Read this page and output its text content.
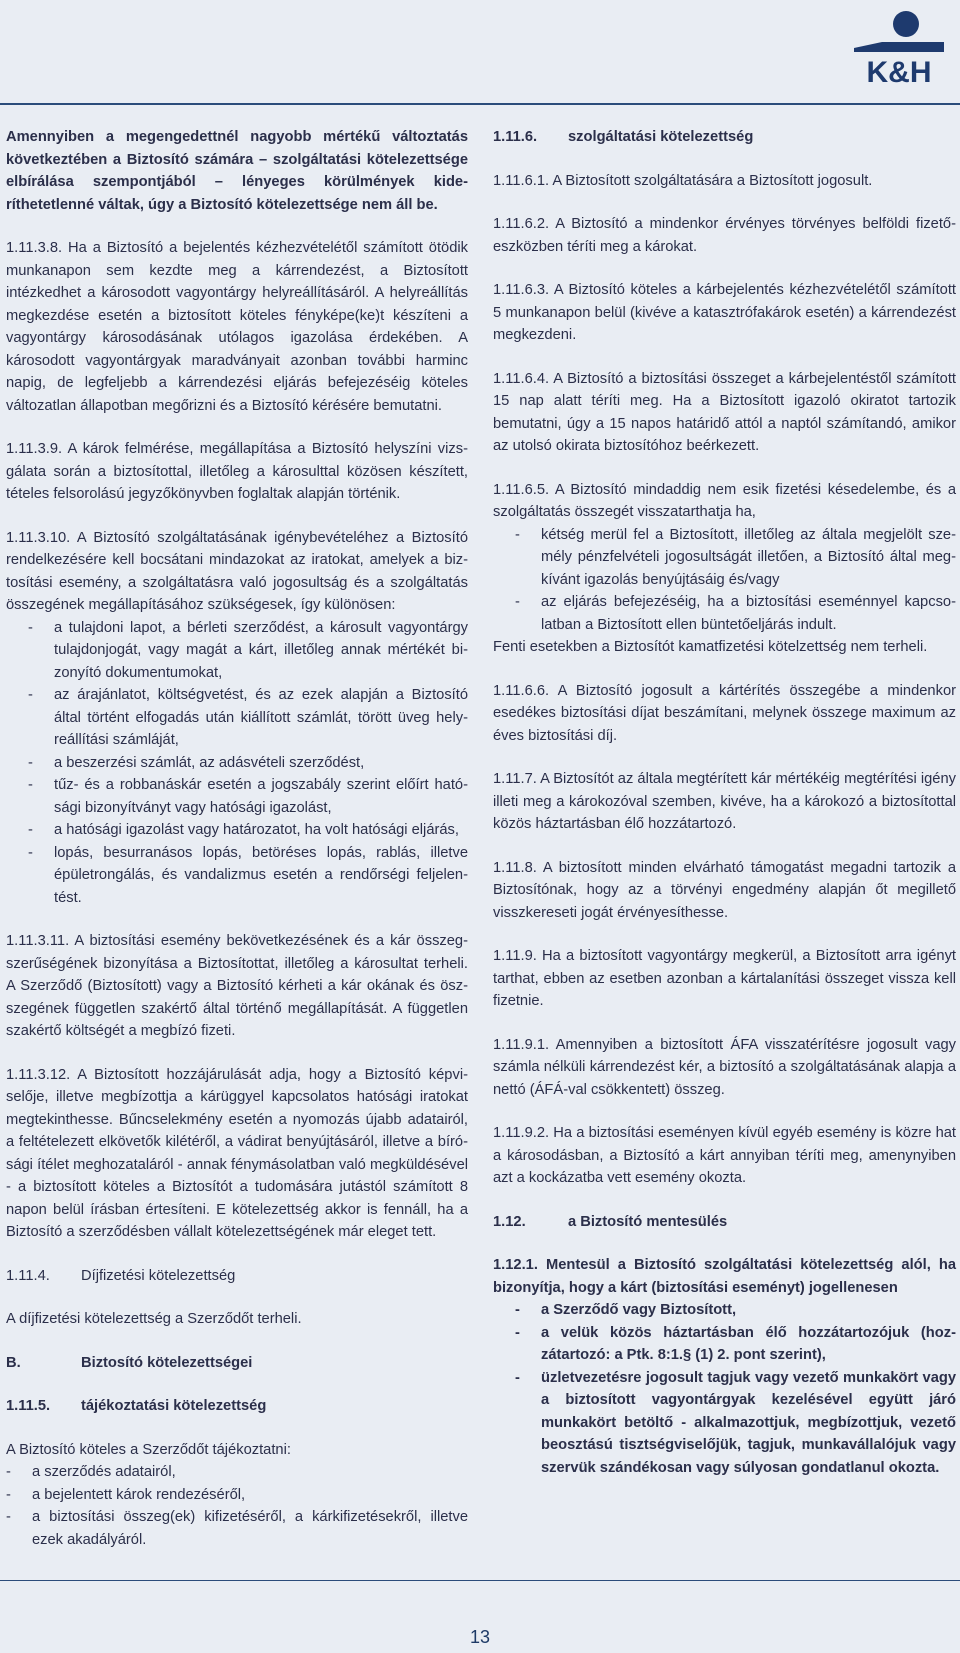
K&H

Amennyiben a megengedettnél nagyobb mértékű változtatás következtében a Biztosító számára – szolgáltatási kötelezettsége elbírálása szempontjából – lényeges körülmények kideríthetetlenné váltak, úgy a Biztosító kötelezettsége nem áll be.

1.11.3.8. Ha a Biztosító a bejelentés kézhezvételétől számított ötödik munkanapon sem kezdte meg a kárrendezést, a Biztosított intézkedhet a károsodott vagyontárgy helyreállításáról. A helyreállítás megkezdése esetén a biztosított köteles fényképe(ke)t készíteni a vagyontárgy károsodásának utólagos igazolása érdekében. A károsodott vagyontárgyak maradványait azonban további harminc napig, de legfeljebb a kárrendezési eljárás befejezéséig köteles változatlan állapotban megőrizni és a Biztosító kérésére bemutatni.

1.11.3.9. A károk felmérése, megállapítása a Biztosító helyszíni vizsgálata során a biztosítottal, illetőleg a károsulttal közösen készített, tételes felsorolású jegyzőkönyvben foglaltak alapján történik.

1.11.3.10. A Biztosító szolgáltatásának igénybevételéhez a Biztosító rendelkezésére kell bocsátani mindazokat az iratokat, amelyek a biztosítási esemény, a szolgáltatásra való jogosultság és a szolgáltatás összegének megállapításához szükségesek, így különösen:

-	a tulajdoni lapot, a bérleti szerződést, a károsult vagyontárgy tulajdonjogát, vagy magát a kárt, illetőleg annak mértékét bizonyító dokumentumokat,
-	az árajánlatot, költségvetést, és az ezek alapján a Biztosító által történt elfogadás után kiállított számlát, törött üveg helyreállítási számláját,
-	a beszerzési számlát, az adásvételi szerződést,
-	tűz- és a robbanáskár esetén a jogszabály szerint előírt hatósági bizonyítványt vagy hatósági igazolást,
-	a hatósági igazolást vagy határozatot, ha volt hatósági eljárás,
-	lopás, besurranásos lopás, betöréses lopás, rablás, illetve épületrongálás, és vandalizmus esetén a rendőrségi feljelentést.

1.11.3.11. A biztosítási esemény bekövetkezésének és a kár összegszerűségének bizonyítása a Biztosítottat, illetőleg a károsultat terheli. A Szerződő (Biztosított) vagy a Biztosító kérheti a kár okának és öszszegének független szakértő által történő megállapítását. A független szakértő költségét a megbízó fizeti.

1.11.3.12. A Biztosított hozzájárulását adja, hogy a Biztosító képviselője, illetve megbízottja a kárüggyel kapcsolatos hatósági iratokat megtekinthesse. Bűncselekmény esetén a nyomozás újabb adatairól, a feltételezett elkövetők kilétéről, a vádirat benyújtásáról, illetve a bírósági ítélet meghozataláról - annak fénymásolatban való megküldésével - a biztosított köteles a Biztosítót a tudomására jutástól számított 8 napon belül írásban értesíteni. E kötelezettség akkor is fennáll, ha a Biztosító a szerződésben vállalt kötelezettségének már eleget tett.

1.11.4. Díjfizetési kötelezettség

A díjfizetési kötelezettség a Szerződőt terheli.

B.	Biztosító kötelezettségei
1.11.5. tájékoztatási kötelezettség

A Biztosító köteles a Szerződőt tájékoztatni:

-	a szerződés adatairól,
-	a bejelentett károk rendezéséről,
-	a biztosítási összeg(ek) kifizetéséről, a kárkifizetésekről, illetve ezek akadályáról.
1.11.6. szolgáltatási kötelezettség

1.11.6.1. A Biztosított szolgáltatására a Biztosított jogosult.

1.11.6.2. A Biztosító a mindenkor érvényes törvényes belföldi fizetőeszközben téríti meg a károkat.

1.11.6.3. A Biztosító köteles a kárbejelentés kézhezvételétől számított 5 munkanapon belül (kivéve a katasztrófakárok esetén) a kárrendezést megkezdeni.

1.11.6.4. A Biztosító a biztosítási összeget a kárbejelentéstől számított 15 nap alatt téríti meg. Ha a Biztosított igazoló okiratot tartozik bemutatni, úgy a 15 napos határidő attól a naptól számítandó, amikor az utolsó okirata biztosítóhoz beérkezett.

1.11.6.5. A Biztosító mindaddig nem esik fizetési késedelembe, és a szolgáltatás összegét visszatarthatja ha,

-	kétség merül fel a Biztosított, illetőleg az általa megjelölt személy pénzfelvételi jogosultságát illetően, a Biztosító által megkívánt igazolás benyújtásáig és/vagy
-	az eljárás befejezéséig, ha a biztosítási eseménnyel kapcsolatban a Biztosított ellen büntetőeljárás indult.

Fenti esetekben a Biztosítót kamatfizetési kötelzettség nem terheli.

1.11.6.6. A Biztosító jogosult a kártérítés összegébe a mindenkor esedékes biztosítási díjat beszámítani, melynek összege maximum az éves biztosítási díj.

1.11.7. A Biztosítót az általa megtérített kár mértékéig megtérítési igény illeti meg a károkozóval szemben, kivéve, ha a károkozó a biztosítottal közös háztartásban élő hozzátartozó.

1.11.8. A biztosított minden elvárható támogatást megadni tartozik a Biztosítónak, hogy az a törvényi engedmény alapján őt megillető visszkereseti jogát érvényesíthesse.

1.11.9. Ha a biztosított vagyontárgy megkerül, a Biztosított arra igényt tarthat, ebben az esetben azonban a kártalanítási összeget vissza kell fizetnie.

1.11.9.1. Amennyiben a biztosított ÁFA visszatérítésre jogosult vagy számla nélküli kárrendezést kér, a biztosító a szolgáltatásának alapja a nettó (ÁFÁ-val csökkentett) összeg.

1.11.9.2. Ha a biztosítási eseményen kívül egyéb esemény is közre hat a károsodásban, a Biztosító a kárt annyiban téríti meg, amenynyiben azt a kockázatba vett esemény okozta.

1.12.	a Biztosító mentesülés

1.12.1. Mentesül a Biztosító szolgáltatási kötelezettség alól, ha bizonyítja, hogy a kárt (biztosítási eseményt) jogellenesen

-	a Szerződő vagy Biztosított,
-	a velük közös háztartásban élő hozzátartozójuk (hozzátartozó: a Ptk. 8:1.§ (1) 2. pont szerint),
-	üzletvezetésre jogosult tagjuk vagy vezető munkakört vagy a biztosított vagyontárgyak kezelésével együtt járó munkakört betöltő - alkalmazottjuk, megbízottjuk, vezető beosztású tisztségviselőjük, tagjuk, munkavállalójuk vagy szervük szándékosan vagy súlyosan gondatlanul okozta.
13
